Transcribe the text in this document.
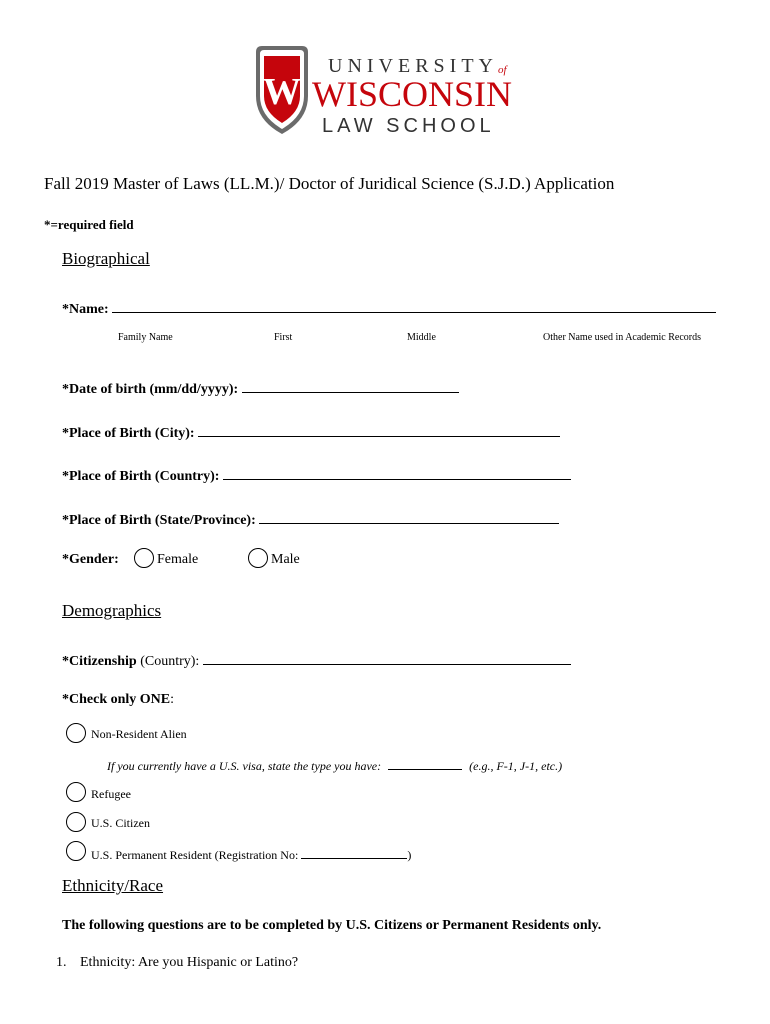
W
UNIVERSITY of
WISCONSIN
LAW SCHOOL
Fall 2019 Master of Laws (LL.M.)/ Doctor of Juridical Science (S.J.D.) Application
*=required field
Biographical
*Name:
Family Name	First	Middle	Other Name used in Academic Records
*Date of birth (mm/dd/yyyy):
*Place of Birth (City):
*Place of Birth (Country):
*Place of Birth (State/Province):
*Gender:	Female	Male
Demographics
*Citizenship (Country):
*Check only ONE:
Non-Resident Alien
If you currently have a U.S. visa, state the type you have:	(e.g., F-1, J-1, etc.)
Refugee
U.S. Citizen
U.S. Permanent Resident (Registration No:	)
Ethnicity/Race
The following questions are to be completed by U.S. Citizens or Permanent Residents only.
1. Ethnicity: Are you Hispanic or Latino?
